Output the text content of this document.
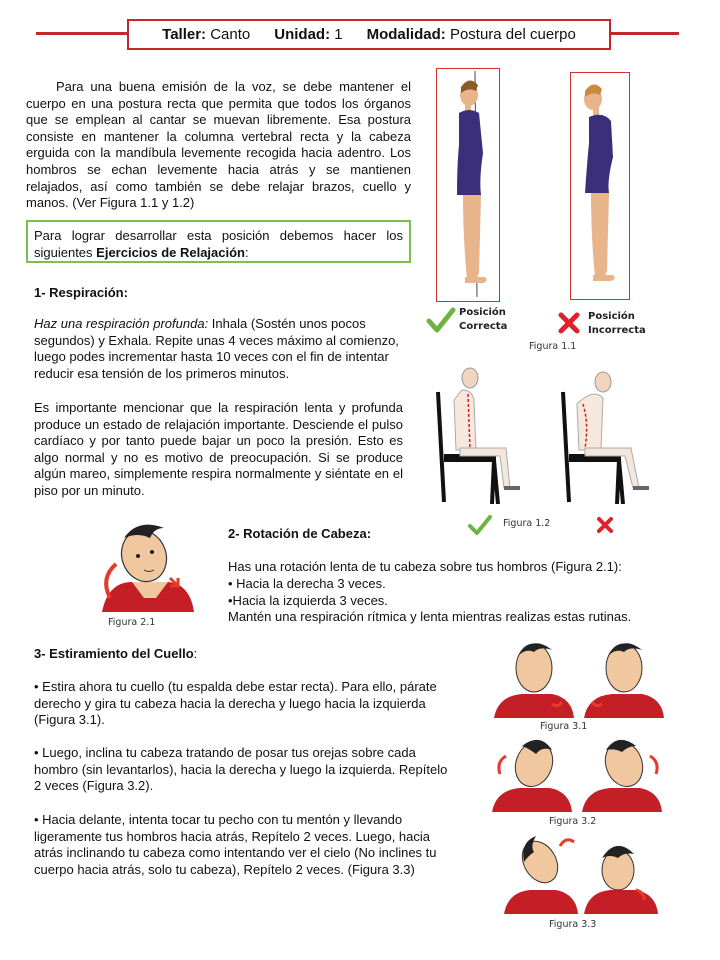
Taller: Canto Unidad: 1 Modalidad: Postura del cuerpo
Para una buena emisión de la voz, se debe mantener el cuerpo en una postura recta que permita que todos los órganos que se emplean al cantar se muevan libremente. Esa postura consiste en mantener la columna vertebral recta y la cabeza erguida con la mandíbula levemente recogida hacia adentro. Los hombros se echan levemente hacia atrás y se mantienen relajados, así como también se debe relajar brazos, cuello y manos. (Ver Figura 1.1 y 1.2)
Para lograr desarrollar esta posición debemos hacer los siguientes Ejercicios de Relajación:
1- Respiración:
Haz una respiración profunda: Inhala (Sostén unos pocos segundos) y Exhala. Repite unas 4 veces máximo al comienzo, luego podes incrementar hasta 10 veces con el fin de intentar reducir esa tensión de los primeros minutos.
Es importante mencionar que la respiración lenta y profunda produce un estado de relajación importante. Desciende el pulso cardíaco y por tanto puede bajar un poco la presión. Esto es algo normal y no es motivo de preocupación. Si se produce algún mareo, simplemente respira normalmente y siéntate en el piso por un minuto.
2- Rotación de Cabeza:
Has una rotación lenta de tu cabeza sobre tus hombros (Figura 2.1):
• Hacia la derecha 3 veces.
•Hacia la izquierda 3 veces.
Mantén una respiración rítmica y lenta mientras realizas estas rutinas.
3- Estiramiento del Cuello:
• Estira ahora tu cuello (tu espalda debe estar recta). Para ello, párate derecho y gira tu cabeza hacia la derecha y luego hacia la izquierda (Figura 3.1).
• Luego, inclina tu cabeza tratando de posar tus orejas sobre cada hombro (sin levantarlos), hacia la derecha y luego la izquierda. Repítelo 2 veces (Figura 3.2).
• Hacia delante, intenta tocar tu pecho con tu mentón y llevando ligeramente tus hombros hacia atrás, Repítelo 2 veces. Luego, hacia atrás inclinando tu cabeza como intentando ver el cielo (No inclines tu cuerpo hacia atrás, solo tu cabeza), Repítelo 2 veces. (Figura 3.3)
Posición Correcta
Posición Incorrecta
Figura 1.1
Figura 1.2
Figura 2.1
Figura 3.1
Figura 3.2
Figura 3.3
